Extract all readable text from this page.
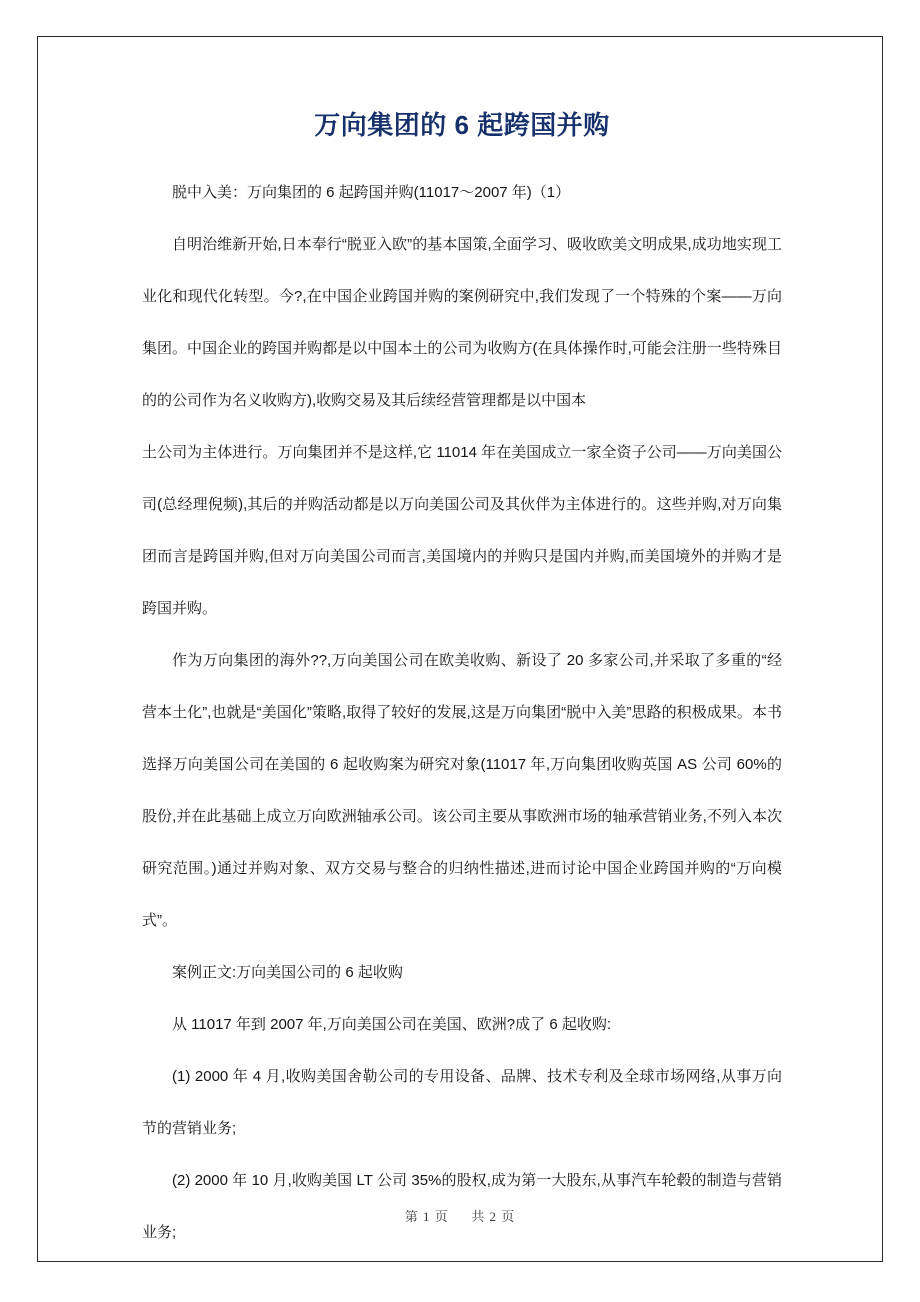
万向集团的 6 起跨国并购

脱中入美：万向集团的 6 起跨国并购(11017～2007 年)（1）

自明治维新开始,日本奉行“脱亚入欧”的基本国策,全面学习、吸收欧美文明成果,成功地实现工业化和现代化转型。今?,在中国企业跨国并购的案例研究中,我们发现了一个特殊的个案——万向集团。中国企业的跨国并购都是以中国本土的公司为收购方(在具体操作时,可能会注册一些特殊目的的公司作为名义收购方),收购交易及其后续经营管理都是以中国本

土公司为主体进行。万向集团并不是这样,它 11014 年在美国成立一家全资子公司——万向美国公司(总经理倪频),其后的并购活动都是以万向美国公司及其伙伴为主体进行的。这些并购,对万向集团而言是跨国并购,但对万向美国公司而言,美国境内的并购只是国内并购,而美国境外的并购才是跨国并购。

作为万向集团的海外??,万向美国公司在欧美收购、新设了 20 多家公司,并采取了多重的“经营本土化”,也就是“美国化”策略,取得了较好的发展,这是万向集团“脱中入美”思路的积极成果。本书选择万向美国公司在美国的 6 起收购案为研究对象(11017 年,万向集团收购英国 AS 公司 60%的股份,并在此基础上成立万向欧洲轴承公司。该公司主要从事欧洲市场的轴承营销业务,不列入本次研究范围。)通过并购对象、双方交易与整合的归纳性描述,进而讨论中国企业跨国并购的“万向模式”。

案例正文:万向美国公司的 6 起收购

从 11017 年到 2007 年,万向美国公司在美国、欧洲?成了 6 起收购:

(1) 2000 年 4 月,收购美国舍勒公司的专用设备、品牌、技术专利及全球市场网络,从事万向节的营销业务;

(2) 2000 年 10 月,收购美国 LT 公司 35%的股权,成为第一大股东,从事汽车轮毂的制造与营销业务;

第 1 页 共 2 页
